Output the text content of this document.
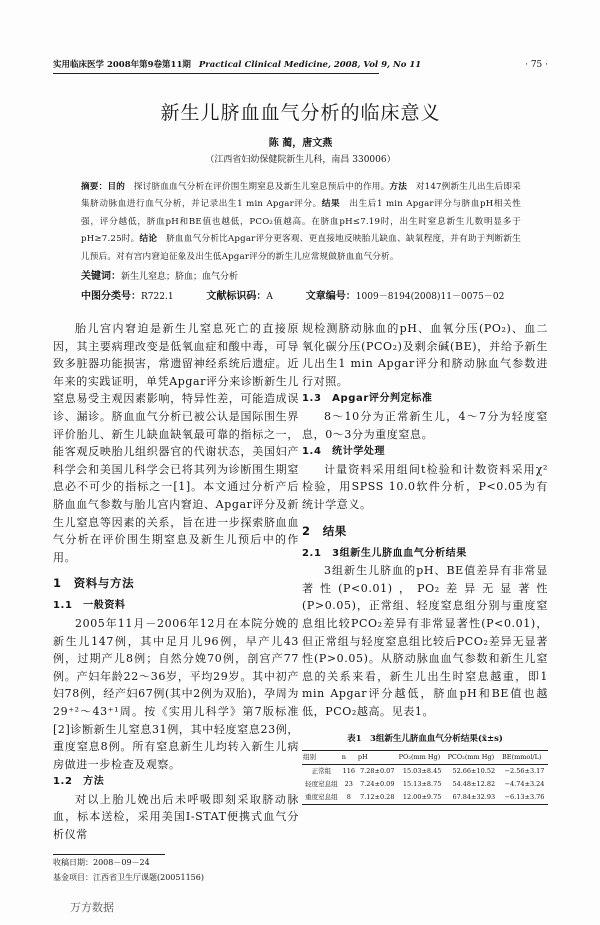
实用临床医学 2008年第9卷第11期 Practical Clinical Medicine, 2008, Vol 9, No 11	· 75 ·
新生儿脐血血气分析的临床意义
陈 蔺，唐文燕
（江西省妇幼保健院新生儿科，南昌 330006）
摘要：目的　 探讨脐血血气分析在评价围生期窒息及新生儿窒息预后中的作用。方法　 对147例新生儿出生后即采集脐动脉血进行血气分析，并记录出生1 min Apgar评分。结果　 出生后1 min Apgar评分与脐血pH相关性强，评分越低，脐血pH和BE值也越低，PCO₂值越高。在脐血pH≤7.19时，出生时窒息新生儿数明显多于pH≥7.25时。结论　 脐血血气分析比Apgar评分更客观、更直接地反映胎儿缺血、缺氧程度，并有助于判断新生儿预后。对有宫内窘迫征象及出生低Apgar评分的新生儿应常规做脐血血气分析。
关键词：新生儿窒息；脐血；血气分析
中图分类号：R722.1	文献标识码：A	文章编号：1009－8194(2008)11－0075－02

胎儿宫内窘迫是新生儿窒息死亡的直接原因，其主要病理改变是低氧血症和酸中毒，可导致多脏器功能损害，常遗留神经系统后遗症。近年来的实践证明，单凭Apgar评分来诊断新生儿窒息易受主观因素影响，特异性差，可能造成误诊、漏诊。脐血血气分析已被公认是国际围生界评价胎儿、新生儿缺血缺氧最可靠的指标之一，能客观反映胎儿组织器官的代谢状态，美国妇产科学会和美国儿科学会已将其列为诊断围生期窒息必不可少的指标之一[1]。本文通过分析产后脐血血气参数与胎儿宫内窘迫、Apgar评分及新生儿窒息等因素的关系，旨在进一步探索脐血血气分析在评价围生期窒息及新生儿预后中的作用。

1　资料与方法
1.1　一般资料

2005年11月－2006年12月在本院分娩的新生儿147例，其中足月儿96例，早产儿43例，过期产儿8例；自然分娩70例，剖宫产77例。产妇年龄22～36岁，平均29岁。其中初产妇78例，经产妇67例(其中2例为双胎)，孕周为29⁺²～43⁺¹周。按《实用儿科学》第7版标准[2]诊断新生儿窒息31例，其中轻度窒息23例，重度窒息8例。所有窒息新生儿均转入新生儿病房做进一步检查及观察。

1.2　方法

对以上胎儿娩出后未呼吸即刻采取脐动脉血，标本送检，采用美国I-STAT便携式血气分析仪常

收稿日期：2008－09－24
基金项目：江西省卫生厅课题(20051156)
万方数据

规检测脐动脉血的pH、血氧分压(PO₂)、血二氧化碳分压(PCO₂)及剩余碱(BE)，并给予新生儿出生1 min Apgar评分和脐动脉血气参数进行对照。

1.3　Apgar评分判定标准

8～10分为正常新生儿，4～7分为轻度窒息，0～3分为重度窒息。

1.4　统计学处理

计量资料采用组间t检验和计数资料采用χ²检验，用SPSS 10.0软件分析，P<0.05为有统计学意义。

2　结果
2.1　3组新生儿脐血血气分析结果

3组新生儿脐血的pH、BE值差异有非常显著性(P<0.01)，PO₂差异无显著性(P>0.05)，正常组、轻度窒息组分别与重度窒息组比较PCO₂差异有非常显著性(P<0.01)，但正常组与轻度窒息组比较后PCO₂差异无显著性(P>0.05)。从脐动脉血血气参数和新生儿窒息的关系来看，新生儿出生时窒息越重，即1 min Apgar评分越低，脐血pH和BE值也越低，PCO₂越高。见表1。

表1　3组新生儿脐血血气分析结果(x̄±s)
组别	n	pH	PO₂(mm Hg)	PCO₂(mm Hg)	BE(mmol/L)
正常组	116	7.28±0.07	15.03±8.45	52.66±10.52	−2.56±3.17
轻度窒息组	23	7.24±0.09	15.13±8.75	54.48±12.82	−4.74±3.24
重度窒息组	8	7.12±0.28	12.00±9.75	67.84±32.93	−6.13±3.76
